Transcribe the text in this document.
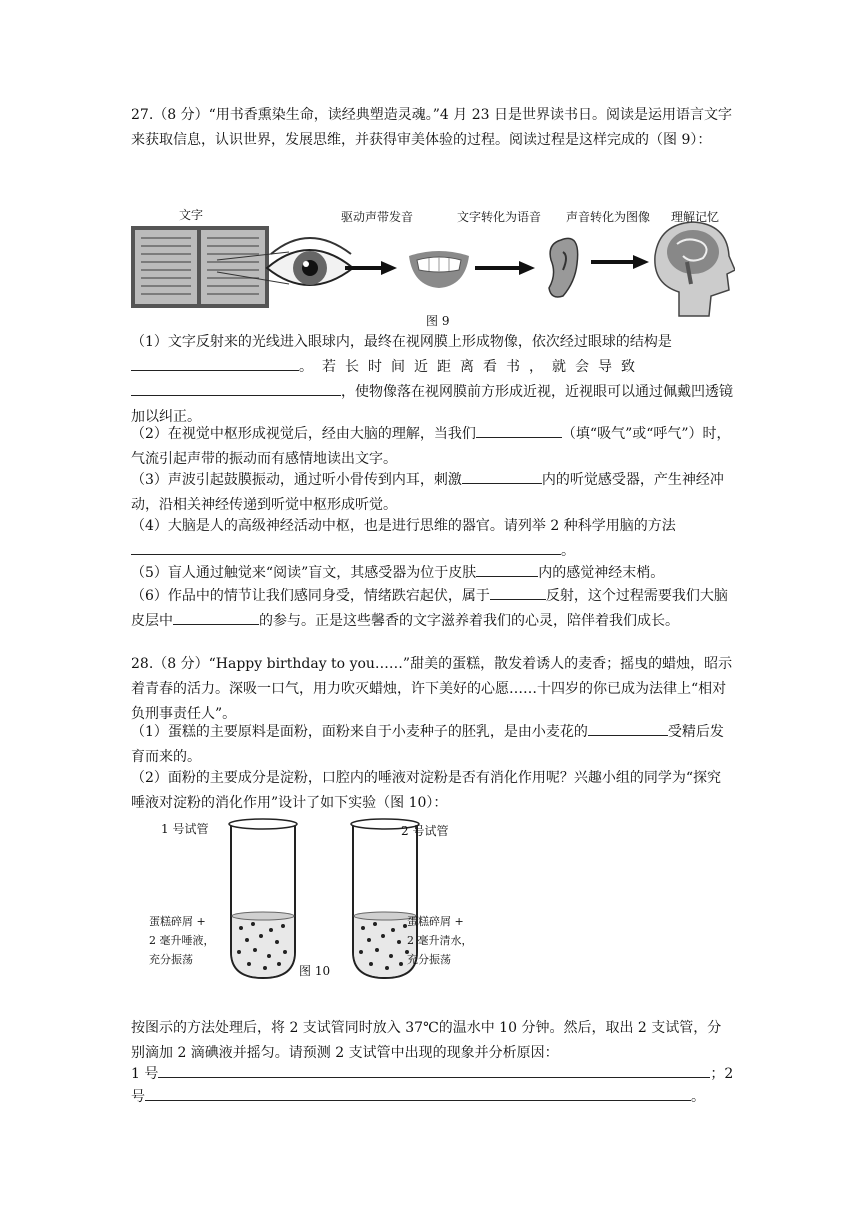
27.（8 分）“用书香熏染生命，读经典塑造灵魂。”4 月 23 日是世界读书日。阅读是运用语言文字来获取信息，认识世界，发展思维，并获得审美体验的过程。阅读过程是这样完成的（图 9）：

文字	驱动声带发音	文字转化为语音 声音转化为图像 理解记忆
图 9

（1）文字反射来的光线进入眼球内，最终在视网膜上形成物像，依次经过眼球的结构是。若长时间近距离看书，就会导致，使物像落在视网膜前方形成近视，近视眼可以通过佩戴凹透镜加以纠正。

（2）在视觉中枢形成视觉后，经由大脑的理解，当我们	（填“吸气”或“呼气”）时，气流引起声带的振动而有感情地读出文字。

（3）声波引起鼓膜振动，通过听小骨传到内耳，刺激	内的听觉感受器，产生神经冲动，沿相关神经传递到听觉中枢形成听觉。

（4）大脑是人的高级神经活动中枢，也是进行思维的器官。请列举 2 种科学用脑的方法。

（5）盲人通过触觉来“阅读”盲文，其感受器为位于皮肤	内的感觉神经末梢。

（6）作品中的情节让我们感同身受，情绪跌宕起伏，属于	反射，这个过程需要我们大脑皮层中	的参与。正是这些馨香的文字滋养着我们的心灵，陪伴着我们成长。

28.（8 分）“Happy birthday to you……”甜美的蛋糕，散发着诱人的麦香；摇曳的蜡烛，昭示着青春的活力。深吸一口气，用力吹灭蜡烛，许下美好的心愿……十四岁的你已成为法律上“相对负刑事责任人”。

（1）蛋糕的主要原料是面粉，面粉来自于小麦种子的胚乳，是由小麦花的	受精后发育而来的。

（2）面粉的主要成分是淀粉，口腔内的唾液对淀粉是否有消化作用呢？兴趣小组的同学为“探究唾液对淀粉的消化作用”设计了如下实验（图 10）：

1 号试管	2 号试管
蛋糕碎屑 +
2 毫升唾液，
充分振荡
蛋糕碎屑 +
2 毫升清水，
充分振荡
图 10

按图示的方法处理后，将 2 支试管同时放入 37℃的温水中 10 分钟。然后，取出 2 支试管，分别滴加 2 滴碘液并摇匀。请预测 2 支试管中出现的现象并分析原因：

1 号	；2

号	。
